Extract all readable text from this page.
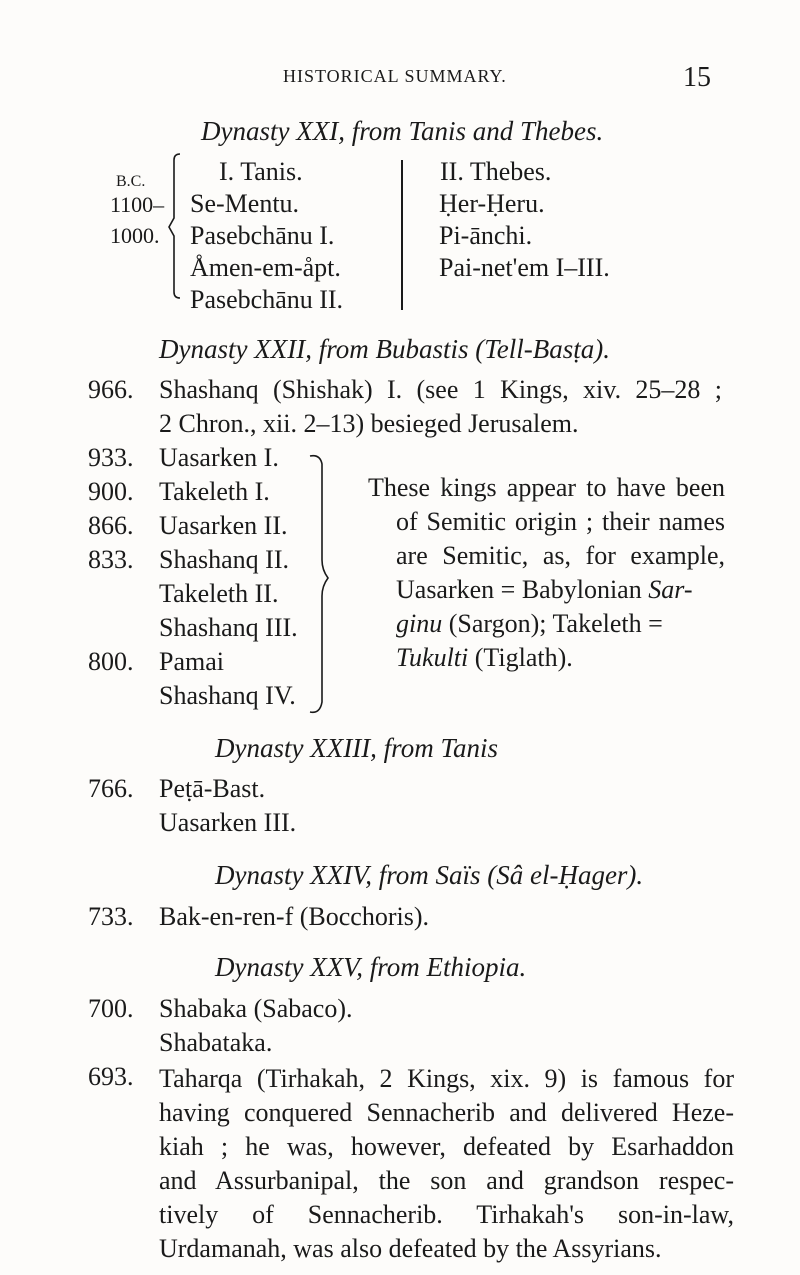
HISTORICAL SUMMARY.	15
Dynasty XXI, from Tanis and Thebes.
B.C.
1100–
1000.
I. Tanis.
Se-Mentu.
Pasebchānu I.
Åmen-em-åpt.
Pasebchānu II.
II. Thebes.
Ḥer-Ḥeru.
Pi-ānchi.
Pai-net'em I–III.
Dynasty XXII, from Bubastis (Tell-Basṭa).
966. Shashanq (Shishak) I. (see 1 Kings, xiv. 25–28 ;
2 Chron., xii. 2–13) besieged Jerusalem.
933. Uasarken I.
900. Takeleth I.
866. Uasarken II.
833. Shashanq II.
Takeleth II.
Shashanq III.
800. Pamai
Shashanq IV.
These kings appear to have been
of Semitic origin ; their names
are Semitic, as, for example,
Uasarken = Babylonian Sar-
ginu (Sargon); Takeleth =
Tukulti (Tiglath).
Dynasty XXIII, from Tanis
766. Peṭā-Bast.
Uasarken III.
Dynasty XXIV, from Saïs (Sâ el-Ḥager).
733. Bak-en-ren-f (Bocchoris).
Dynasty XXV, from Ethiopia.
700. Shabaka (Sabaco).
Shabataka.
693. Taharqa (Tirhakah, 2 Kings, xix. 9) is famous for
having conquered Sennacherib and delivered Heze-
kiah ; he was, however, defeated by Esarhaddon
and Assurbanipal, the son and grandson respec-
tively of Sennacherib. Tirhakah's son-in-law,
Urdamanah, was also defeated by the Assyrians.
